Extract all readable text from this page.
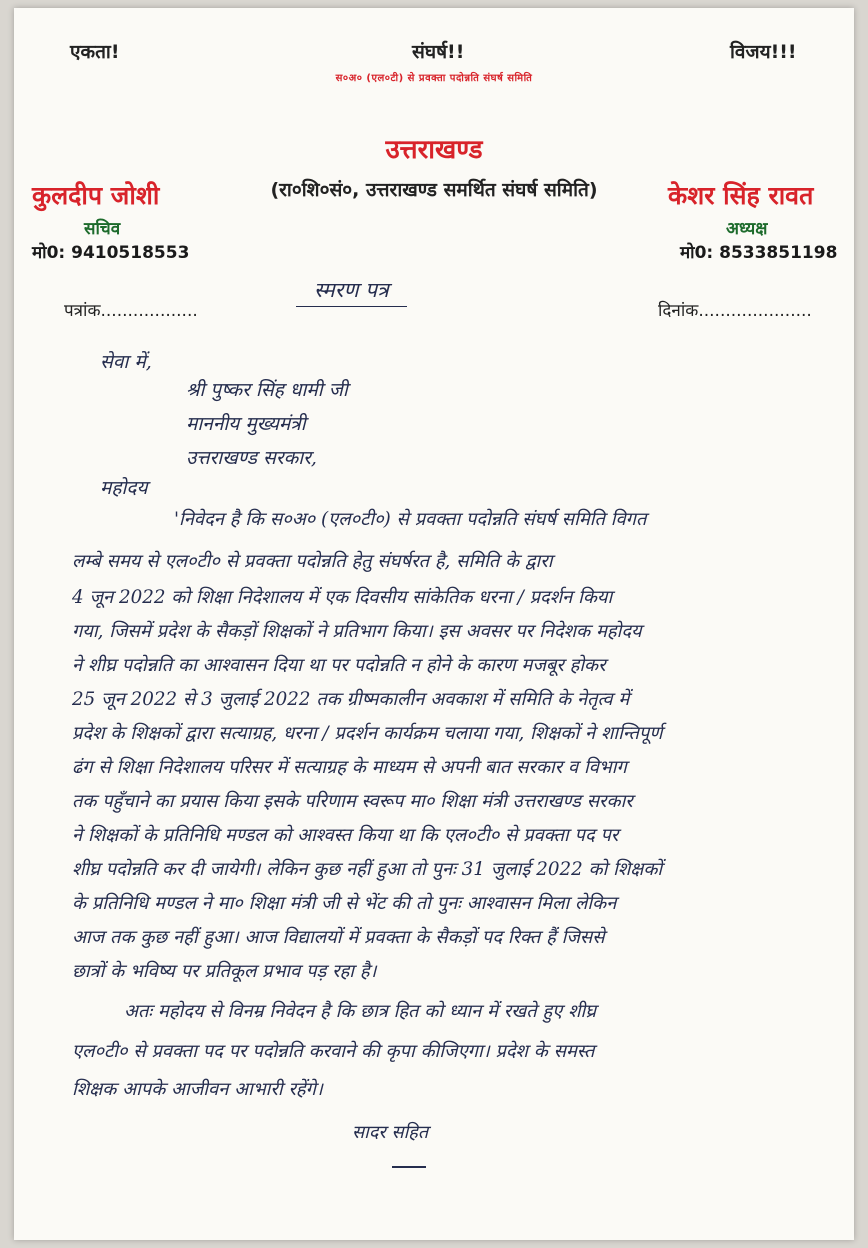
एकता!	संघर्ष!!	विजय!!!
स०अ० (एल०टी) से प्रवक्ता पदोन्नति संघर्ष समिति
उत्तराखण्ड
कुलदीप जोशी	(रा०शि०सं०, उत्तराखण्ड समर्थित संघर्ष समिति)	केशर सिंह रावत
सचिव	अध्यक्ष
मो0: 9410518553	मो0: 8533851198
स्मरण पत्र
पत्रांक..................	दिनांक.....................
सेवा में,
श्री पुष्कर सिंह धामी जी
माननीय मुख्यमंत्री
उत्तराखण्ड सरकार,
महोदय
'निवेदन है कि स०अ० (एल०टी०) से प्रवक्ता पदोन्नति संघर्ष समिति विगत
लम्बे समय से एल०टी० से प्रवक्ता पदोन्नति हेतु संघर्षरत है, समिति के द्वारा
4 जून 2022 को शिक्षा निदेशालय में एक दिवसीय सांकेतिक धरना / प्रदर्शन किया
गया, जिसमें प्रदेश के सैकड़ों शिक्षकों ने प्रतिभाग किया। इस अवसर पर निदेशक महोदय
ने शीघ्र पदोन्नति का आश्वासन दिया था पर पदोन्नति न होने के कारण मजबूर होकर
25 जून 2022 से 3 जुलाई 2022 तक ग्रीष्मकालीन अवकाश में समिति के नेतृत्व में
प्रदेश के शिक्षकों द्वारा सत्याग्रह, धरना / प्रदर्शन कार्यक्रम चलाया गया, शिक्षकों ने शान्तिपूर्ण
ढंग से शिक्षा निदेशालय परिसर में सत्याग्रह के माध्यम से अपनी बात सरकार व विभाग
तक पहुँचाने का प्रयास किया इसके परिणाम स्वरूप मा० शिक्षा मंत्री उत्तराखण्ड सरकार
ने शिक्षकों के प्रतिनिधि मण्डल को आश्वस्त किया था कि एल०टी० से प्रवक्ता पद पर
शीघ्र पदोन्नति कर दी जायेगी। लेकिन कुछ नहीं हुआ तो पुनः 31 जुलाई 2022 को शिक्षकों
के प्रतिनिधि मण्डल ने मा० शिक्षा मंत्री जी से भेंट की तो पुनः आश्वासन मिला लेकिन
आज तक कुछ नहीं हुआ। आज विद्यालयों में प्रवक्ता के सैकड़ों पद रिक्त हैं जिससे
छात्रों के भविष्य पर प्रतिकूल प्रभाव पड़ रहा है।
अतः महोदय से विनम्र निवेदन है कि छात्र हित को ध्यान में रखते हुए शीघ्र
एल०टी० से प्रवक्ता पद पर पदोन्नति करवाने की कृपा कीजिएगा। प्रदेश के समस्त
शिक्षक आपके आजीवन आभारी रहेंगे।
सादर सहित
